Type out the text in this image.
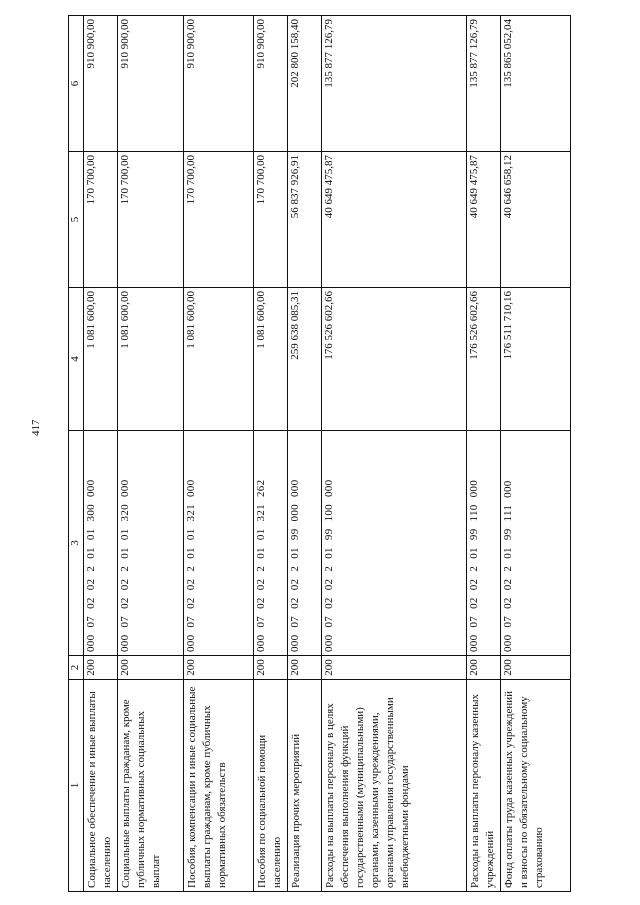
417
1	2	3	4	5	6
Социальное обеспечение и иные выплаты населению	200	000 07 02 02 2 01 01 300 000	1 081 600,00	170 700,00	910 900,00
Социальные выплаты гражданам, кроме публичных нормативных социальных выплат	200	000 07 02 02 2 01 01 320 000	1 081 600,00	170 700,00	910 900,00
Пособия, компенсации и иные социальные выплаты гражданам, кроме публичных нормативных обязательств	200	000 07 02 02 2 01 01 321 000	1 081 600,00	170 700,00	910 900,00
Пособия по социальной помощи населению	200	000 07 02 02 2 01 01 321 262	1 081 600,00	170 700,00	910 900,00
Реализация прочих мероприятий	200	000 07 02 02 2 01 99 000 000	259 638 085,31	56 837 926,91	202 800 158,40
Расходы на выплаты персоналу в целях обеспечения выполнения функций государственными (муниципальными) органами, казенными учреждениями, органами управления государственными внебюджетными фондами	200	000 07 02 02 2 01 99 100 000	176 526 602,66	40 649 475,87	135 877 126,79
Расходы на выплаты персоналу казенных учреждений	200	000 07 02 02 2 01 99 110 000	176 526 602,66	40 649 475,87	135 877 126,79
Фонд оплаты труда казенных учреждений и взносы по обязательному социальному страхованию	200	000 07 02 02 2 01 99 111 000	176 511 710,16	40 646 658,12	135 865 052,04
